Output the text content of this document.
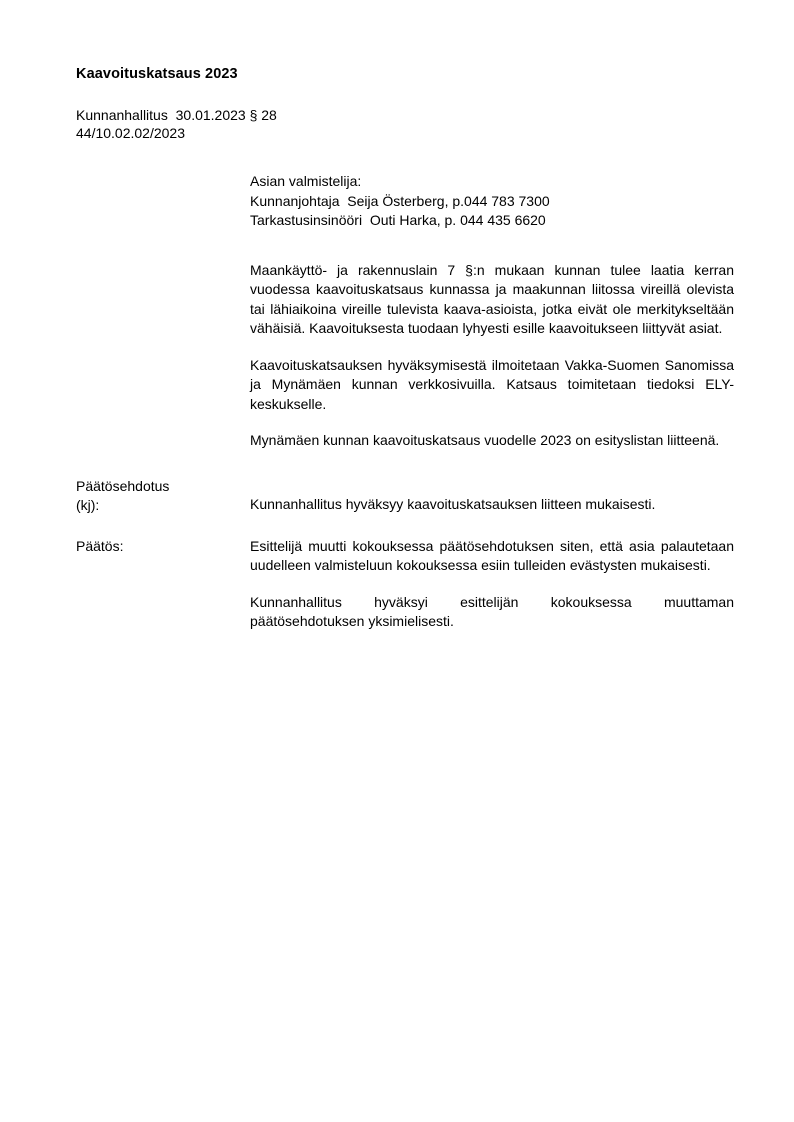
Kaavoituskatsaus 2023
Kunnanhallitus  30.01.2023 § 28
44/10.02.02/2023
Asian valmistelija:
Kunnanjohtaja  Seija Österberg, p.044 783 7300
Tarkastusinsinööri  Outi Harka, p. 044 435 6620

Maankäyttö- ja rakennuslain 7 §:n mukaan kunnan tulee laatia kerran vuodessa kaavoituskatsaus kunnassa ja maakunnan liitossa vireillä olevista tai lähiaikoina vireille tulevista kaava-asioista, jotka eivät ole merkitykseltään vähäisiä. Kaavoituksesta tuodaan lyhyesti esille kaavoitukseen liittyvät asiat.

Kaavoituskatsauksen hyväksymisestä ilmoitetaan Vakka-Suomen Sanomissa ja Mynämäen kunnan verkkosivuilla. Katsaus toimitetaan tiedoksi ELY-keskukselle.

Mynämäen kunnan kaavoituskatsaus vuodelle 2023 on esityslistan liitteenä.

Päätösehdotus
(kj):	Kunnanhallitus hyväksyy kaavoituskatsauksen liitteen mukaisesti.

Päätös:	Esittelijä muutti kokouksessa päätösehdotuksen siten, että asia palautetaan uudelleen valmisteluun kokouksessa esiin tulleiden evästysten mukaisesti.

Kunnanhallitus hyväksyi esittelijän kokouksessa muuttaman päätösehdotuksen yksimielisesti.
